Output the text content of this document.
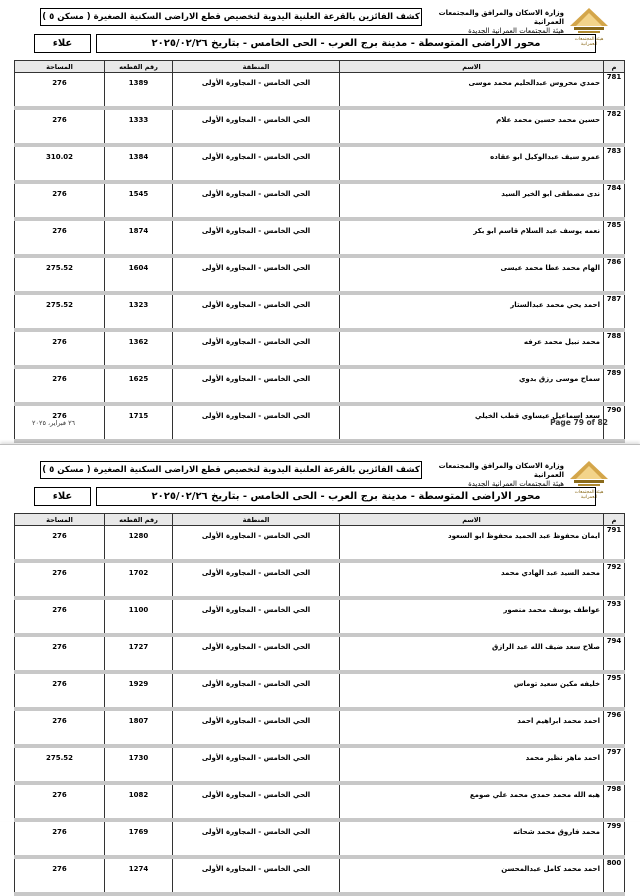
هيئة المجتمعات العمرانية
وزارة الاسكان والمرافق والمجتمعات العمرانية
هيئة المجتمعات العمرانية الجديدة
كشف الفائزين بالقرعة العلنية اليدوية لتخصيص قطع الاراضى السكنية الصغيرة ( مسكن ٥ )
محور الاراضى المتوسطة - مدينة برج العرب - الحى الخامس - بتاريخ ٢٠٢٥/٠٢/٢٦
علاء
م	الاسم	المنطقة	رقم القطعه	المساحة
781	حمدي محروس عبدالحليم محمد موسى	الحي الخامس - المجاورة الأولى	1389	276
782	حسين محمد حسين محمد علام	الحي الخامس - المجاورة الأولى	1333	276
783	عمرو سيف عبدالوكيل ابو عقاده	الحي الخامس - المجاورة الأولى	1384	310.02
784	ندى مصطفى ابو الخير السيد	الحي الخامس - المجاورة الأولى	1545	276
785	نعمه يوسف عبد السلام قاسم ابو بكر	الحي الخامس - المجاورة الأولى	1874	276
786	الهام محمد عطا محمد عيسى	الحي الخامس - المجاورة الأولى	1604	275.52
787	احمد يحي محمد عبدالستار	الحي الخامس - المجاورة الأولى	1323	275.52
788	محمد نبيل محمد عرفه	الحي الخامس - المجاورة الأولى	1362	276
789	سماح موسى رزق بدوي	الحي الخامس - المجاورة الأولى	1625	276
790	سعد اسماعيل عيساوي قطب الخيلي	الحي الخامس - المجاورة الأولى	1715	276
٢٦ فبراير، ٢٠٢٥	Page 79 of 82
هيئة المجتمعات العمرانية
وزارة الاسكان والمرافق والمجتمعات العمرانية
هيئة المجتمعات العمرانية الجديدة
كشف الفائزين بالقرعة العلنية اليدوية لتخصيص قطع الاراضى السكنية الصغيرة ( مسكن ٥ )
محور الاراضى المتوسطة - مدينة برج العرب - الحى الخامس - بتاريخ ٢٠٢٥/٠٢/٢٦
علاء
م	الاسم	المنطقة	رقم القطعه	المساحة
791	ايمان محفوظ عبد الحميد محفوظ ابو السعود	الحي الخامس - المجاورة الأولى	1280	276
792	محمد السيد عبد الهادي محمد	الحي الخامس - المجاورة الأولى	1702	276
793	عواطف يوسف محمد منصور	الحي الخامس - المجاورة الأولى	1100	276
794	صلاح سعد ضيف الله عبد الرازق	الحي الخامس - المجاورة الأولى	1727	276
795	خليفه مكين سعيد توماس	الحي الخامس - المجاورة الأولى	1929	276
796	احمد محمد ابراهيم احمد	الحي الخامس - المجاورة الأولى	1807	276
797	احمد ماهر نظير محمد	الحي الخامس - المجاورة الأولى	1730	275.52
798	هبه الله محمد حمدي محمد علي صومع	الحي الخامس - المجاورة الأولى	1082	276
799	محمد فاروق محمد شحاته	الحي الخامس - المجاورة الأولى	1769	276
800	احمد محمد كامل عبدالمحسن	الحي الخامس - المجاورة الأولى	1274	276
